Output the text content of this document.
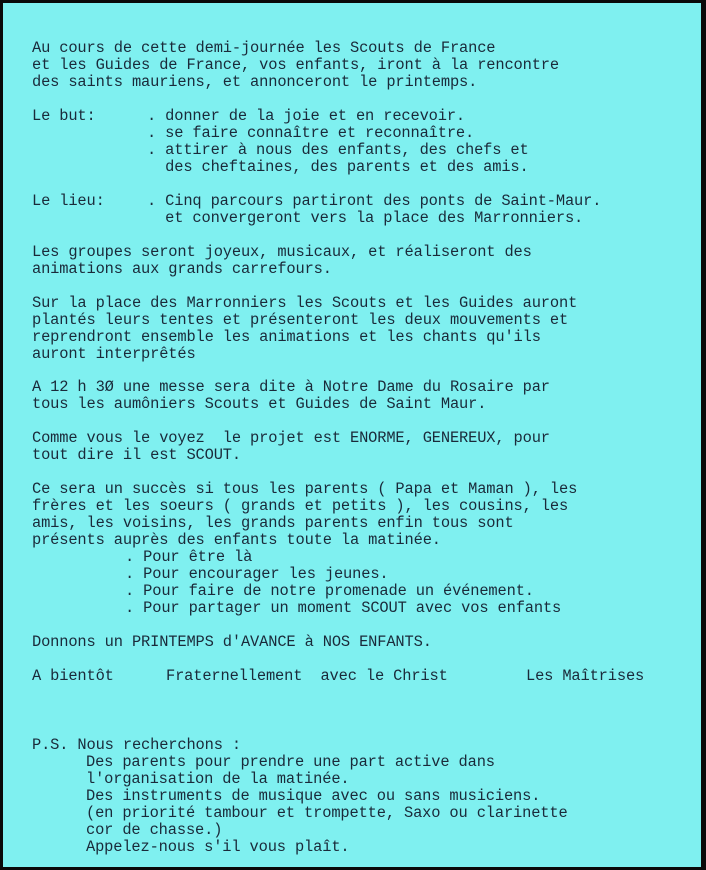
Au cours de cette demi-journée les Scouts de France

et les Guides de France, vos enfants, iront à la rencontre

des saints mauriens, et annonceront le printemps.

Le but:	. donner de la joie et en recevoir.

. se faire connaître et reconnaître.

. attirer à nous des enfants, des chefs et

des cheftaines, des parents et des amis.

Le lieu:	. Cinq parcours partiront des ponts de Saint-Maur.

et convergeront vers la place des Marronniers.

Les groupes seront joyeux, musicaux, et réaliseront des

animations aux grands carrefours.

Sur la place des Marronniers les Scouts et les Guides auront

plantés leurs tentes et présenteront les deux mouvements et

reprendront ensemble les animations et les chants qu'ils

auront interprêtés

A 12 h 3Ø une messe sera dite à Notre Dame du Rosaire par

tous les aumôniers Scouts et Guides de Saint Maur.

Comme vous le voyez  le projet est ENORME, GENEREUX, pour

tout dire il est SCOUT.

Ce sera un succès si tous les parents ( Papa et Maman ), les

frères et les soeurs ( grands et petits ), les cousins, les

amis, les voisins, les grands parents enfin tous sont

présents auprès des enfants toute la matinée.

. Pour être là

. Pour encourager les jeunes.

. Pour faire de notre promenade un événement.

. Pour partager un moment SCOUT avec vos enfants

Donnons un PRINTEMPS d'AVANCE à NOS ENFANTS.

A bientôt	Fraternellement  avec le Christ	Les Maîtrises

P.S. Nous recherchons :

Des parents pour prendre une part active dans

l'organisation de la matinée.

Des instruments de musique avec ou sans musiciens.

(en priorité tambour et trompette, Saxo ou clarinette

cor de chasse.)

Appelez-nous s'il vous plaît.
